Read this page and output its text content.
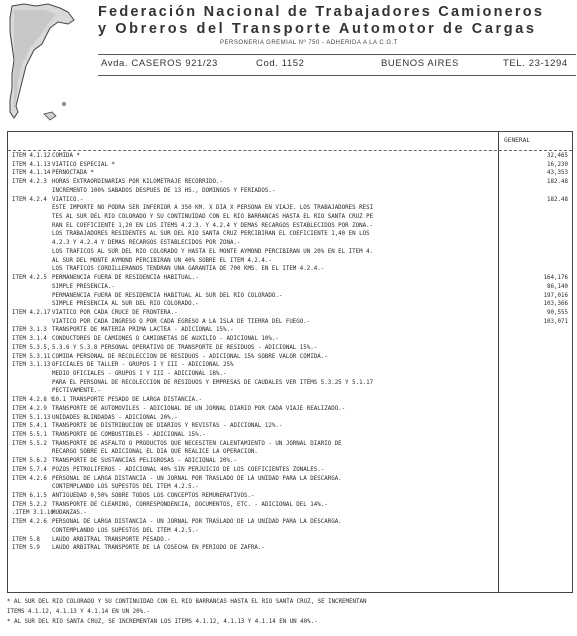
Federación Nacional de Trabajadores Camioneros
y Obreros del Transporte Automotor de Cargas
PERSONERIA GREMIAL Nº 750 - ADHERIDA A LA C.G.T
Avda. CASEROS 921/23	Cod. 1152	BUENOS AIRES	TEL. 23-1294
GENERAL
ITEM 4.1.12 COMIDA *	32,465
ITEM 4.1.13 VIATICO ESPECIAL *	16,230
ITEM 4.1.14 PERNOCTADA *	43,353
ITEM 4.2.3 HORAS EXTRAORDINARIAS POR KILOMETRAJE RECORRIDO.-	182.48
INCREMENTO 100% SABADOS DESPUES DE 13 HS., DOMINGOS Y FERIADOS.-
ITEM 4.2.4 VIATICO.-	182.48
ESTE IMPORTE NO PODRA SER INFERIOR A 350 KM. X DIA X PERSONA EN VIAJE. LOS TRABAJADORES RESI
TES AL SUR DEL RIO COLORADO Y SU CONTINUIDAD CON EL RIO BARRANCAS HASTA EL RIO SANTA CRUZ PE
RAN EL COEFICIENTE 1,20 EN LOS ITEMS 4.2.3. Y 4.2.4 Y DEMAS RECARGOS ESTABLECIDOS POR ZONA.-
LOS TRABAJADORES RESIDENTES AL SUR DEL RIO SANTA CRUZ PERCIBIRAN EL COEFICIENTE 1,40 EN LOS
4.2.3 Y 4.2.4 Y DEMAS RECARGOS ESTABLECIDOS POR ZONA.-
LOS TRAFICOS AL SUR DEL RIO COLORADO Y HASTA EL MONTE AYMOND PERCIBIRAN UN 20% EN EL ITEM 4.
AL SUR DEL MONTE AYMOND PERCIBIRAN UN 40% SOBRE EL ITEM 4.2.4.-
LOS TRAFICOS CORDILLERANOS TENDRAN UNA GARANTIA DE 700 KMS. EN EL ITEM 4.2.4.-
ITEM 4.2.5 PERMANENCIA FUERA DE RESIDENCIA HABITUAL.-	164,176
SIMPLE PRESENCIA.-	86,140
PERMANENCIA FUERA DE RESIDENCIA HABITUAL AL SUR DEL RIO COLORADO.-	197,016
SIMPLE PRESENCIA AL SUR DEL RIO COLORADO.-	103,366
ITEM 4.2.17 VIATICO POR CADA CRUCE DE FRONTERA.-	90,555
VIATICO POR CADA INGRESO O POR CADA EGRESO A LA ISLA DE TIERRA DEL FUEGO.-	103,071
ITEM 3.1.3 TRANSPORTE DE MATERIA PRIMA LACTEA - ADICIONAL 15%.-
ITEM 3.1.4 CONDUCTORES DE CAMIONES O CAMIONETAS DE AUXILIO - ADICIONAL 10%.-
ITEM 5.3.5, 5.3.6 Y 5.3.8 PERSONAL OPERATIVO DE TRANSPORTE DE RESIDUOS - ADICIONAL 15%.-
ITEM 5.3.11 COMIDA PERSONAL DE RECOLECCION DE RESIDUOS - ADICIONAL 15% SOBRE VALOR COMIDA.-
ITEM 3.1.13 OFICIALES DE TALLER - GRUPOS I Y III - ADICIONAL 25%
MEDIO OFICIALES - GRUPOS I Y III - ADICIONAL 18%.-
PARA EL PERSONAL DE RECOLECCION DE RESIDUOS Y EMPRESAS DE CAUDALES VER ITEMS 5.3.25 Y 5.1.17
PECTIVAMENTE.-
ITEM 4.2.8 Y
10.1 TRANSPORTE PESADO DE LARGA DISTANCIA.-
ITEM 4.2.9 TRANSPORTE DE AUTOMOVILES - ADICIONAL DE UN JORNAL DIARIO POR CADA VIAJE REALIZADO.-
ITEM 5.1.13 UNIDADES BLINDADAS - ADICIONAL 20%.-
ITEM 5.4.1 TRANSPORTE DE DISTRIBUCION DE DIARIOS Y REVISTAS - ADICIONAL 12%.-
ITEM 5.5.1 TRANSPORTE DE COMBUSTIBLES - ADICIONAL 15%.-
ITEM 5.5.2 TRANSPORTE DE ASFALTO O PRODUCTOS QUE NECESITEN CALENTAMIENTO - UN JORNAL DIARIO DE
RECARGO SOBRE EL ADICIONAL EL DIA QUE REALICE LA OPERACION.
ITEM 5.6.2 TRANSPORTE DE SUSTANCIAS PELIGROSAS - ADICIONAL 20%.-
ITEM 5.7.4 POZOS PETROLIFEROS - ADICIONAL 40% SIN PERJUICIO DE LOS COEFICIENTES ZONALES.-
ITEM 4.2.6 PERSONAL DE LARGA DISTANCIA - UN JORNAL POR TRASLADO DE LA UNIDAD PARA LA DESCARGA.
CONTEMPLANDO LOS SUPESTOS DEL ITEM 4.2.5.-
ITEM 6.1.5 ANTIGUEDAD 0,50% SOBRE TODOS LOS CONCEPTOS REMUNERATIVOS.-
ITEM 5.2.2 TRANSPORTE DE CLEARING, CORRESPONDENCIA, DOCUMENTOS, ETC. - ADICIONAL DEL 14%.-
.ITEM 3.1.10
MUDANZAS.-
ITEM 4.2.6 PERSONAL DE LARGA DISTANCIA - UN JORNAL POR TRASLADO DE LA UNIDAD PARA LA DESCARGA.
CONTEMPLANDO LOS SUPESTOS DEL ITEM 4.2.5.-
ITEM 5.8 LAUDO ARBITRAL TRANSPORTE PESADO.-
ITEM 5.9 LAUDO ARBITRAL TRANSPORTE DE LA COSECHA EN PERIODO DE ZAFRA.-
* AL SUR DEL RIO COLORADO Y SU CONTINUIDAD CON EL RIO BARRANCAS HASTA EL RIO SANTA CRUZ, SE INCREMENTAN
ITEMS 4.1.12, 4.1.13 Y 4.1.14 EN UN 20%.-
* AL SUR DEL RIO SANTA CRUZ, SE INCREMENTAN LOS ITEMS 4.1.12, 4.1.13 Y 4.1.14 EN UN 40%.-
